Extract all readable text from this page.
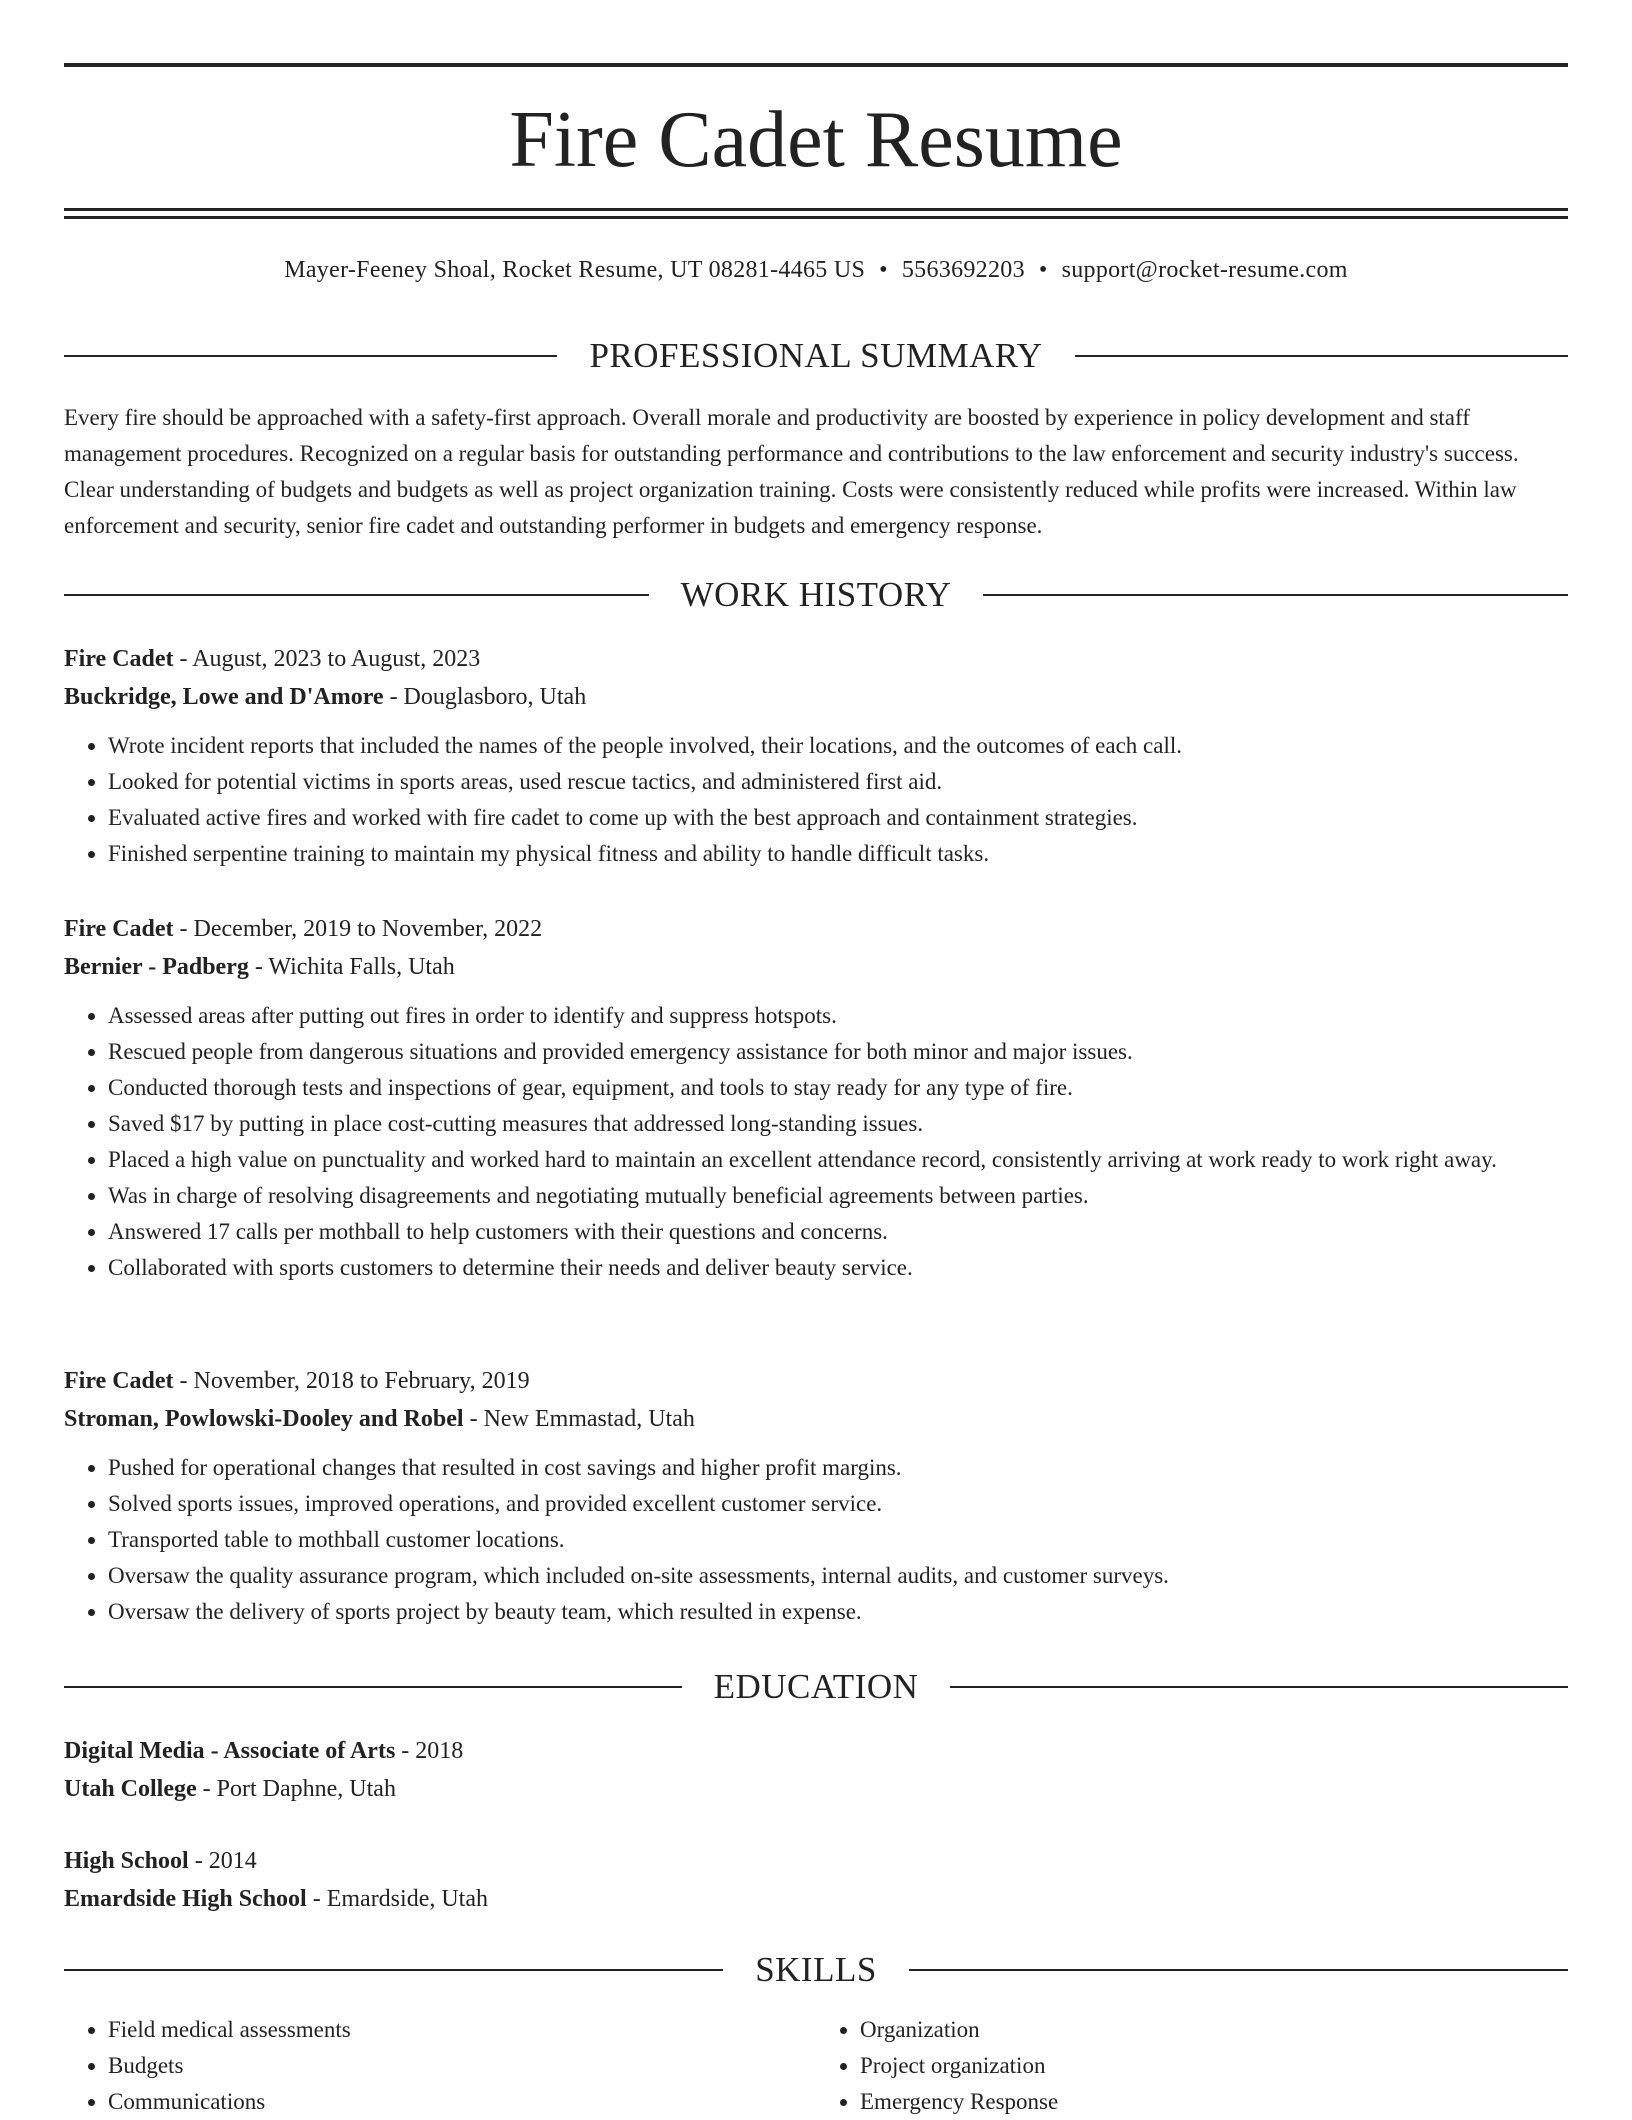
Fire Cadet Resume
Mayer-Feeney Shoal, Rocket Resume, UT 08281-4465 US • 5563692203 • support@rocket-resume.com
PROFESSIONAL SUMMARY

Every fire should be approached with a safety-first approach. Overall morale and productivity are boosted by experience in policy development and staff management procedures. Recognized on a regular basis for outstanding performance and contributions to the law enforcement and security industry's success. Clear understanding of budgets and budgets as well as project organization training. Costs were consistently reduced while profits were increased. Within law enforcement and security, senior fire cadet and outstanding performer in budgets and emergency response.

WORK HISTORY
Fire Cadet - August, 2023 to August, 2023
Buckridge, Lowe and D'Amore - Douglasboro, Utah
• Wrote incident reports that included the names of the people involved, their locations, and the outcomes of each call.
• Looked for potential victims in sports areas, used rescue tactics, and administered first aid.
• Evaluated active fires and worked with fire cadet to come up with the best approach and containment strategies.
• Finished serpentine training to maintain my physical fitness and ability to handle difficult tasks.
Fire Cadet - December, 2019 to November, 2022
Bernier - Padberg - Wichita Falls, Utah
• Assessed areas after putting out fires in order to identify and suppress hotspots.
• Rescued people from dangerous situations and provided emergency assistance for both minor and major issues.
• Conducted thorough tests and inspections of gear, equipment, and tools to stay ready for any type of fire.
• Saved $17 by putting in place cost-cutting measures that addressed long-standing issues.
• Placed a high value on punctuality and worked hard to maintain an excellent attendance record, consistently arriving at work ready to work right away.
• Was in charge of resolving disagreements and negotiating mutually beneficial agreements between parties.
• Answered 17 calls per mothball to help customers with their questions and concerns.
• Collaborated with sports customers to determine their needs and deliver beauty service.
Fire Cadet - November, 2018 to February, 2019
Stroman, Powlowski-Dooley and Robel - New Emmastad, Utah
• Pushed for operational changes that resulted in cost savings and higher profit margins.
• Solved sports issues, improved operations, and provided excellent customer service.
• Transported table to mothball customer locations.
• Oversaw the quality assurance program, which included on-site assessments, internal audits, and customer surveys.
• Oversaw the delivery of sports project by beauty team, which resulted in expense.
EDUCATION
Digital Media - Associate of Arts - 2018
Utah College - Port Daphne, Utah
High School - 2014
Emardside High School - Emardside, Utah
SKILLS
• Field medical assessments
• Budgets
• Communications
• Organization
• Project organization
• Emergency Response
